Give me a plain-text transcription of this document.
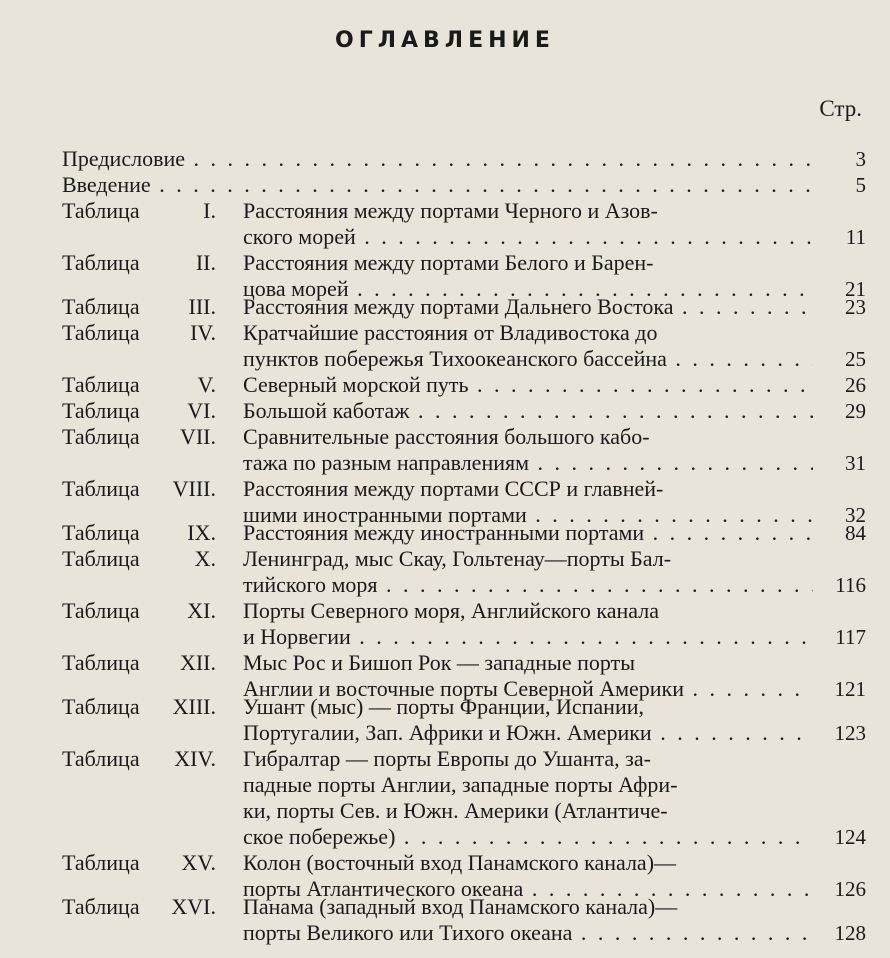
ОГЛАВЛЕНИЕ
Стр.
Предисловие . . .	3
Введение . . .	5
Таблица	I. Расстояния между портами Черного и Азов-
ского морей . . .	11
Таблица	II. Расстояния между портами Белого и Барен-
цова морей . . .	21
Таблица	III. Расстояния между портами Дальнего Востока . . .	23
Таблица	IV. Кратчайшие расстояния от Владивостока до
пунктов побережья Тихоокеанского бассейна . . .	25
Таблица	V. Северный морской путь . . .	26
Таблица	VI. Большой каботаж . . .	29
Таблица	VII. Сравнительные расстояния большого кабо-
тажа по разным направлениям . . .	31
Таблица	VIII. Расстояния между портами СССР и главней-
шими иностранными портами . . .	32
Таблица	IX. Расстояния между иностранными портами . . .	84
Таблица	X. Ленинград, мыс Скау, Гольтенау—порты Бал-
тийского моря . . .	116
Таблица	XI. Порты Северного моря, Английского канала
и Норвегии . . .	117
Таблица	XII. Мыс Рос и Бишоп Рок — западные порты
Англии и восточные порты Северной Америки . . .	121
Таблица	XIII. Ушант (мыс) — порты Франции, Испании,
Португалии, Зап. Африки и Южн. Америки . . .	123
Таблица	XIV. Гибралтар — порты Европы до Ушанта, за-
падные порты Англии, западные порты Афри-
ки, порты Сев. и Южн. Америки (Атлантиче-
ское побережье) . . .	124
Таблица	XV. Колон (восточный вход Панамского канала)—
порты Атлантического океана . . .	126
Таблица	XVI. Панама (западный вход Панамского канала)—
порты Великого или Тихого океана . . .	128
